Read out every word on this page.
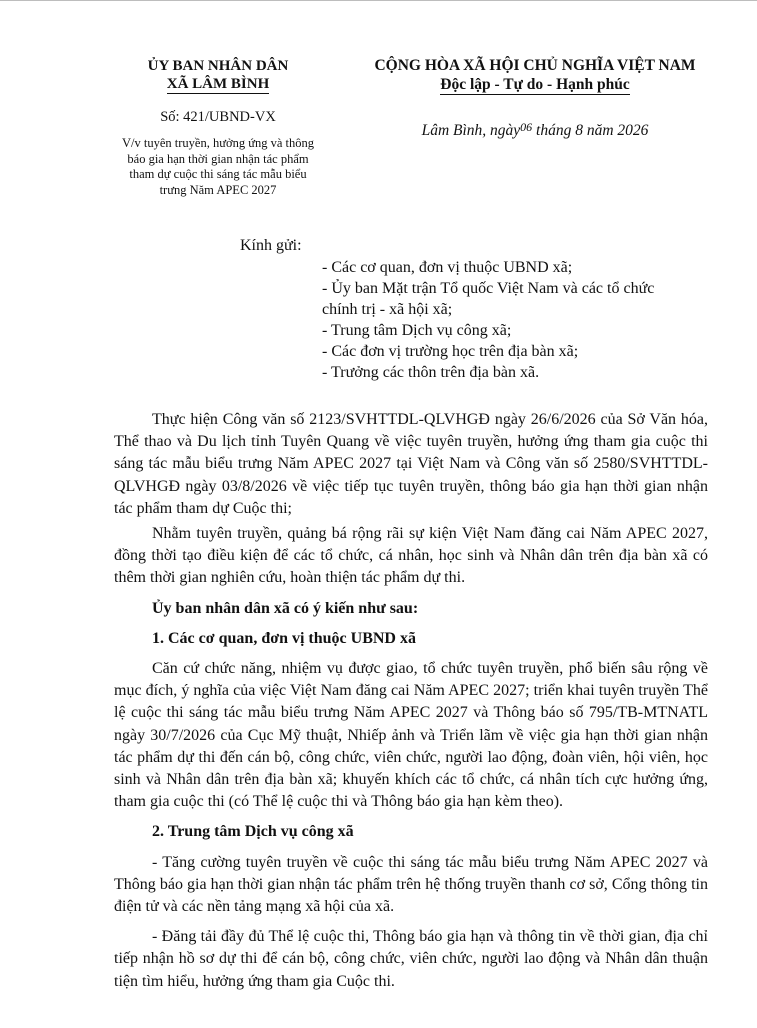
ỦY BAN NHÂN DÂN
XÃ LÂM BÌNH
Số: 421/UBND-VX
V/v tuyên truyền, hưởng ứng và thông
báo gia hạn thời gian nhận tác phẩm
tham dự cuộc thi sáng tác mẫu biểu
trưng Năm APEC 2027
CỘNG HÒA XÃ HỘI CHỦ NGHĨA VIỆT NAM
Độc lập - Tự do - Hạnh phúc
Lâm Bình, ngày$^{06}$ tháng 8 năm 2026
Kính gửi:
- Các cơ quan, đơn vị thuộc UBND xã;
- Ủy ban Mặt trận Tổ quốc Việt Nam và các tổ chức
chính trị - xã hội xã;
- Trung tâm Dịch vụ công xã;
- Các đơn vị trường học trên địa bàn xã;
- Trưởng các thôn trên địa bàn xã.

Thực hiện Công văn số 2123/SVHTTDL-QLVHGĐ ngày 26/6/2026 của Sở Văn hóa, Thể thao và Du lịch tỉnh Tuyên Quang về việc tuyên truyền, hưởng ứng tham gia cuộc thi sáng tác mẫu biểu trưng Năm APEC 2027 tại Việt Nam và Công văn số 2580/SVHTTDL-QLVHGĐ ngày 03/8/2026 về việc tiếp tục tuyên truyền, thông báo gia hạn thời gian nhận tác phẩm tham dự Cuộc thi;

Nhằm tuyên truyền, quảng bá rộng rãi sự kiện Việt Nam đăng cai Năm APEC 2027, đồng thời tạo điều kiện để các tổ chức, cá nhân, học sinh và Nhân dân trên địa bàn xã có thêm thời gian nghiên cứu, hoàn thiện tác phẩm dự thi.

Ủy ban nhân dân xã có ý kiến như sau:

1. Các cơ quan, đơn vị thuộc UBND xã

Căn cứ chức năng, nhiệm vụ được giao, tổ chức tuyên truyền, phổ biến sâu rộng về mục đích, ý nghĩa của việc Việt Nam đăng cai Năm APEC 2027; triển khai tuyên truyền Thể lệ cuộc thi sáng tác mẫu biểu trưng Năm APEC 2027 và Thông báo số 795/TB-MTNATL ngày 30/7/2026 của Cục Mỹ thuật, Nhiếp ảnh và Triển lãm về việc gia hạn thời gian nhận tác phẩm dự thi đến cán bộ, công chức, viên chức, người lao động, đoàn viên, hội viên, học sinh và Nhân dân trên địa bàn xã; khuyến khích các tổ chức, cá nhân tích cực hưởng ứng, tham gia cuộc thi (có Thể lệ cuộc thi và Thông báo gia hạn kèm theo).

2. Trung tâm Dịch vụ công xã

- Tăng cường tuyên truyền về cuộc thi sáng tác mẫu biểu trưng Năm APEC 2027 và Thông báo gia hạn thời gian nhận tác phẩm trên hệ thống truyền thanh cơ sở, Cổng thông tin điện tử và các nền tảng mạng xã hội của xã.

- Đăng tải đầy đủ Thể lệ cuộc thi, Thông báo gia hạn và thông tin về thời gian, địa chỉ tiếp nhận hồ sơ dự thi để cán bộ, công chức, viên chức, người lao động và Nhân dân thuận tiện tìm hiểu, hưởng ứng tham gia Cuộc thi.
